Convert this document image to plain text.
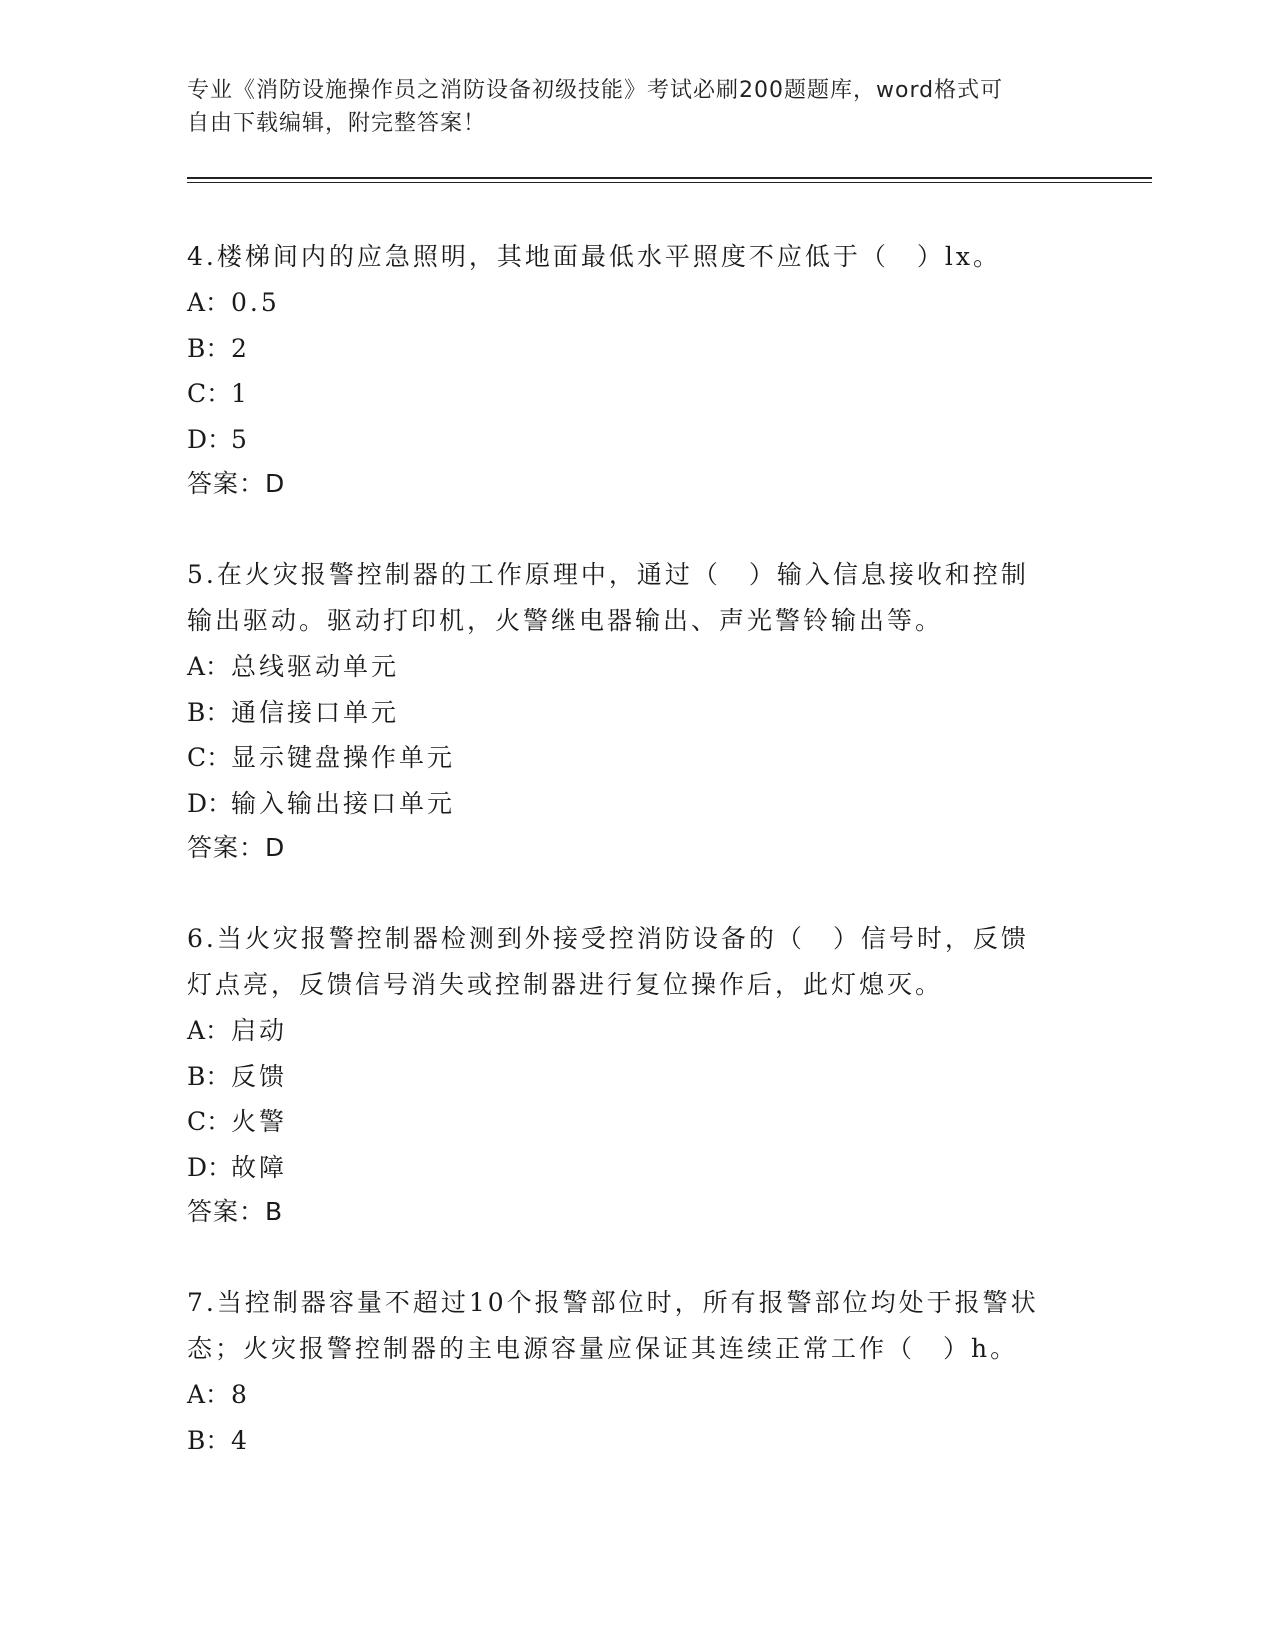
专业《消防设施操作员之消防设备初级技能》考试必刷200题题库，word格式可
自由下载编辑，附完整答案！

4.楼梯间内的应急照明，其地面最低水平照度不应低于（　）lx。

A：0.5

B：2

C：1

D：5

答案：D

5.在火灾报警控制器的工作原理中，通过（　）输入信息接收和控制

输出驱动。驱动打印机，火警继电器输出、声光警铃输出等。

A：总线驱动单元

B：通信接口单元

C：显示键盘操作单元

D：输入输出接口单元

答案：D

6.当火灾报警控制器检测到外接受控消防设备的（　）信号时，反馈

灯点亮，反馈信号消失或控制器进行复位操作后，此灯熄灭。

A：启动

B：反馈

C：火警

D：故障

答案：B

7.当控制器容量不超过10个报警部位时，所有报警部位均处于报警状

态；火灾报警控制器的主电源容量应保证其连续正常工作（　）h。

A：8

B：4
